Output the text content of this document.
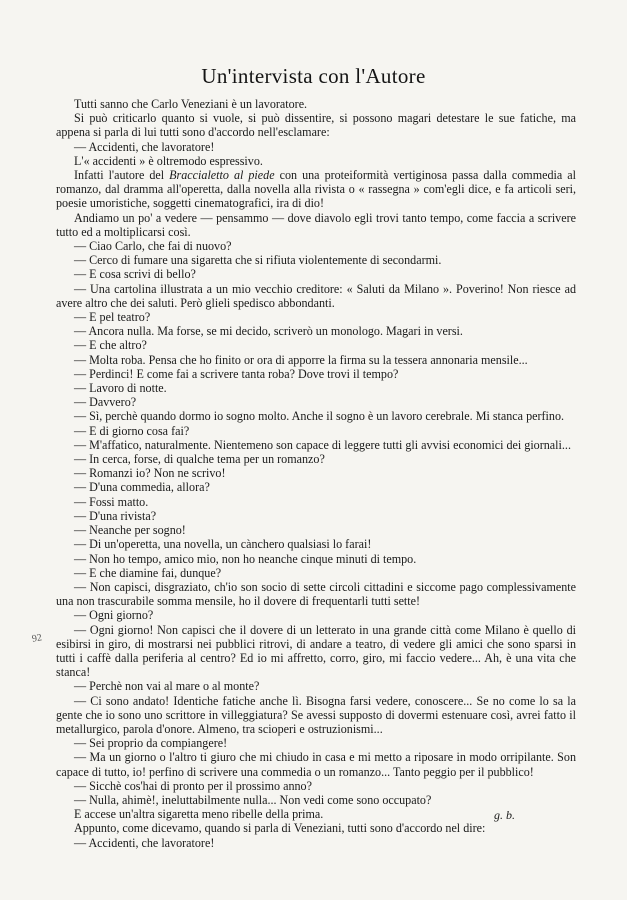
Un'intervista con l'Autore

Tutti sanno che Carlo Veneziani è un lavoratore.

Si può criticarlo quanto si vuole, si può dissentire, si possono magari detestare le sue fatiche, ma appena si parla di lui tutti sono d'accordo nell'esclamare:

— Accidenti, che lavoratore!

L'« accidenti » è oltremodo espressivo.

Infatti l'autore del Braccialetto al piede con una proteiformità vertiginosa passa dalla commedia al romanzo, dal dramma all'operetta, dalla novella alla rivista o « rassegna » com'egli dice, e fa articoli seri, poesie umoristiche, soggetti cinematografici, ira di dio!

Andiamo un po' a vedere — pensammo — dove diavolo egli trovi tanto tempo, come faccia a scrivere tutto ed a moltiplicarsi così.

— Ciao Carlo, che fai di nuovo?

— Cerco di fumare una sigaretta che si rifiuta violentemente di secondarmi.

— E cosa scrivi di bello?

— Una cartolina illustrata a un mio vecchio creditore: « Saluti da Milano ». Poverino! Non riesce ad avere altro che dei saluti. Però glieli spedisco abbondanti.

— E pel teatro?

— Ancora nulla. Ma forse, se mi decido, scriverò un monologo. Magari in versi.

— E che altro?

— Molta roba. Pensa che ho finito or ora di apporre la firma su la tessera annonaria mensile...

— Perdinci! E come fai a scrivere tanta roba? Dove trovi il tempo?

— Lavoro di notte.

— Davvero?

— Sì, perchè quando dormo io sogno molto. Anche il sogno è un lavoro cerebrale. Mi stanca perfino.

— E di giorno cosa fai?

— M'affatico, naturalmente. Nientemeno son capace di leggere tutti gli avvisi economici dei giornali...

— In cerca, forse, di qualche tema per un romanzo?

— Romanzi io? Non ne scrivo!

— D'una commedia, allora?

— Fossi matto.

— D'una rivista?

— Neanche per sogno!

— Di un'operetta, una novella, un cànchero qualsiasi lo farai!

— Non ho tempo, amico mio, non ho neanche cinque minuti di tempo.

— E che diamine fai, dunque?

— Non capisci, disgraziato, ch'io son socio di sette circoli cittadini e siccome pago complessivamente una non trascurabile somma mensile, ho il dovere di frequentarli tutti sette!

— Ogni giorno?

— Ogni giorno! Non capisci che il dovere di un letterato in una grande città come Milano è quello di esibirsi in giro, di mostrarsi nei pubblici ritrovi, di andare a teatro, di vedere gli amici che sono sparsi in tutti i caffè dalla periferia al centro? Ed io mi affretto, corro, giro, mi faccio vedere... Ah, è una vita che stanca!

— Perchè non vai al mare o al monte?

— Ci sono andato! Identiche fatiche anche lì. Bisogna farsi vedere, conoscere... Se no come lo sa la gente che io sono uno scrittore in villeggiatura? Se avessi supposto di dovermi estenuare così, avrei fatto il metallurgico, parola d'onore. Almeno, tra scioperi e ostruzionismi...

— Sei proprio da compiangere!

— Ma un giorno o l'altro ti giuro che mi chiudo in casa e mi metto a riposare in modo orripilante. Son capace di tutto, io! perfino di scrivere una commedia o un romanzo... Tanto peggio per il pubblico!

— Sicchè cos'hai di pronto per il prossimo anno?

— Nulla, ahimè!, ineluttabilmente nulla... Non vedi come sono occupato?

E accese un'altra sigaretta meno ribelle della prima.

Appunto, come dicevamo, quando si parla di Veneziani, tutti sono d'accordo nel dire:

— Accidenti, che lavoratore!

92
g. b.
